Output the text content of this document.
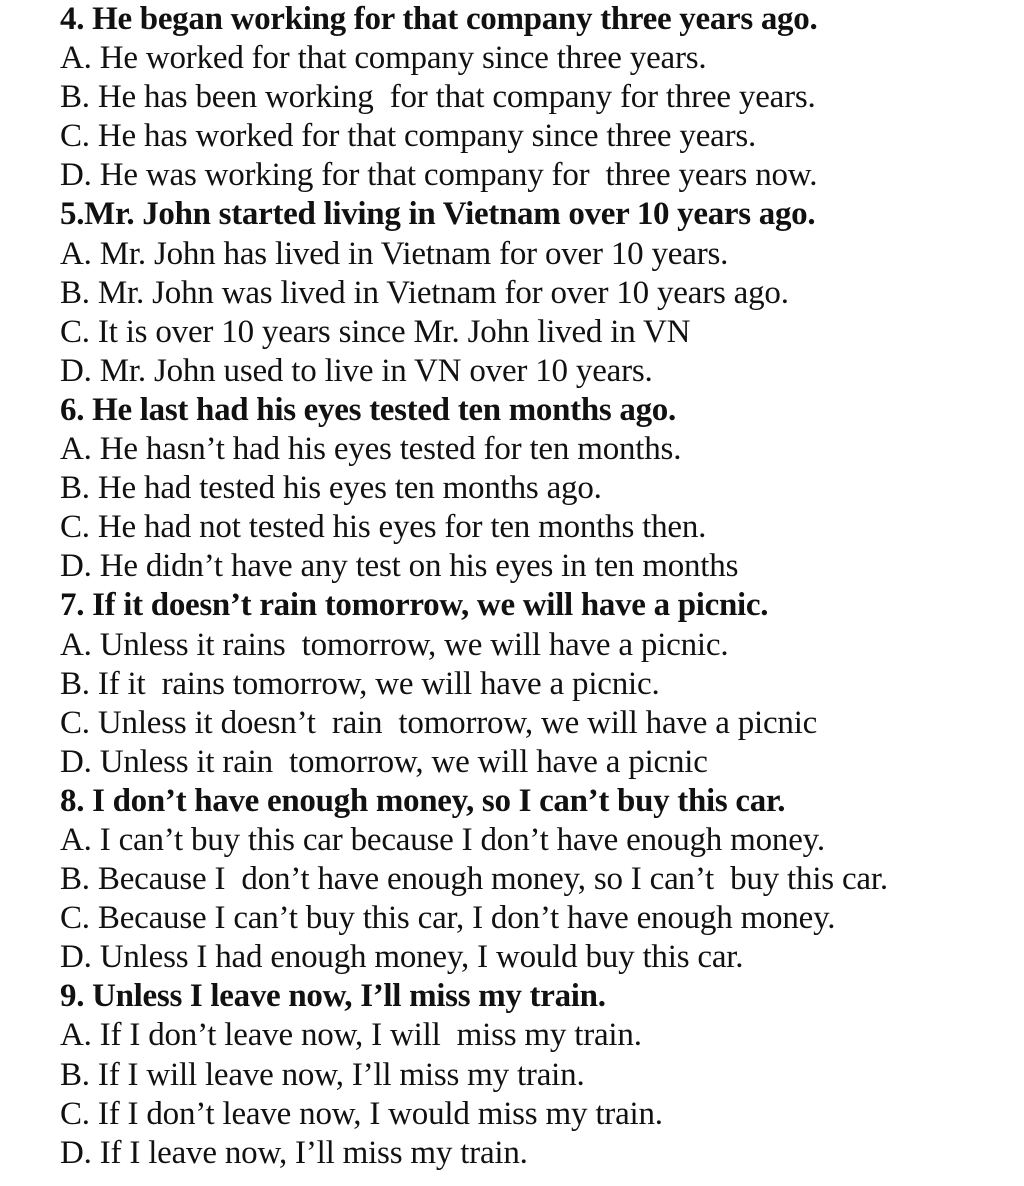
4. He began working for that company three years ago.
A. He worked for that company since three years.
B. He has been working  for that company for three years.
C. He has worked for that company since three years.
D. He was working for that company for  three years now.
5.Mr. John started living in Vietnam over 10 years ago.
A. Mr. John has lived in Vietnam for over 10 years.
B. Mr. John was lived in Vietnam for over 10 years ago.
C. It is over 10 years since Mr. John lived in VN
D. Mr. John used to live in VN over 10 years.
6. He last had his eyes tested ten months ago.
A. He hasn’t had his eyes tested for ten months.
B. He had tested his eyes ten months ago.
C. He had not tested his eyes for ten months then.
D. He didn’t have any test on his eyes in ten months
7. If it doesn’t rain tomorrow, we will have a picnic.
A. Unless it rains  tomorrow, we will have a picnic.
B. If it  rains tomorrow, we will have a picnic.
C. Unless it doesn’t  rain  tomorrow, we will have a picnic
D. Unless it rain  tomorrow, we will have a picnic
8. I don’t have enough money, so I can’t buy this car.
A. I can’t buy this car because I don’t have enough money.
B. Because I  don’t have enough money, so I can’t  buy this car.
C. Because I can’t buy this car, I don’t have enough money.
D. Unless I had enough money, I would buy this car.
9. Unless I leave now, I’ll miss my train.
A. If I don’t leave now, I will  miss my train.
B. If I will leave now, I’ll miss my train.
C. If I don’t leave now, I would miss my train.
D. If I leave now, I’ll miss my train.
